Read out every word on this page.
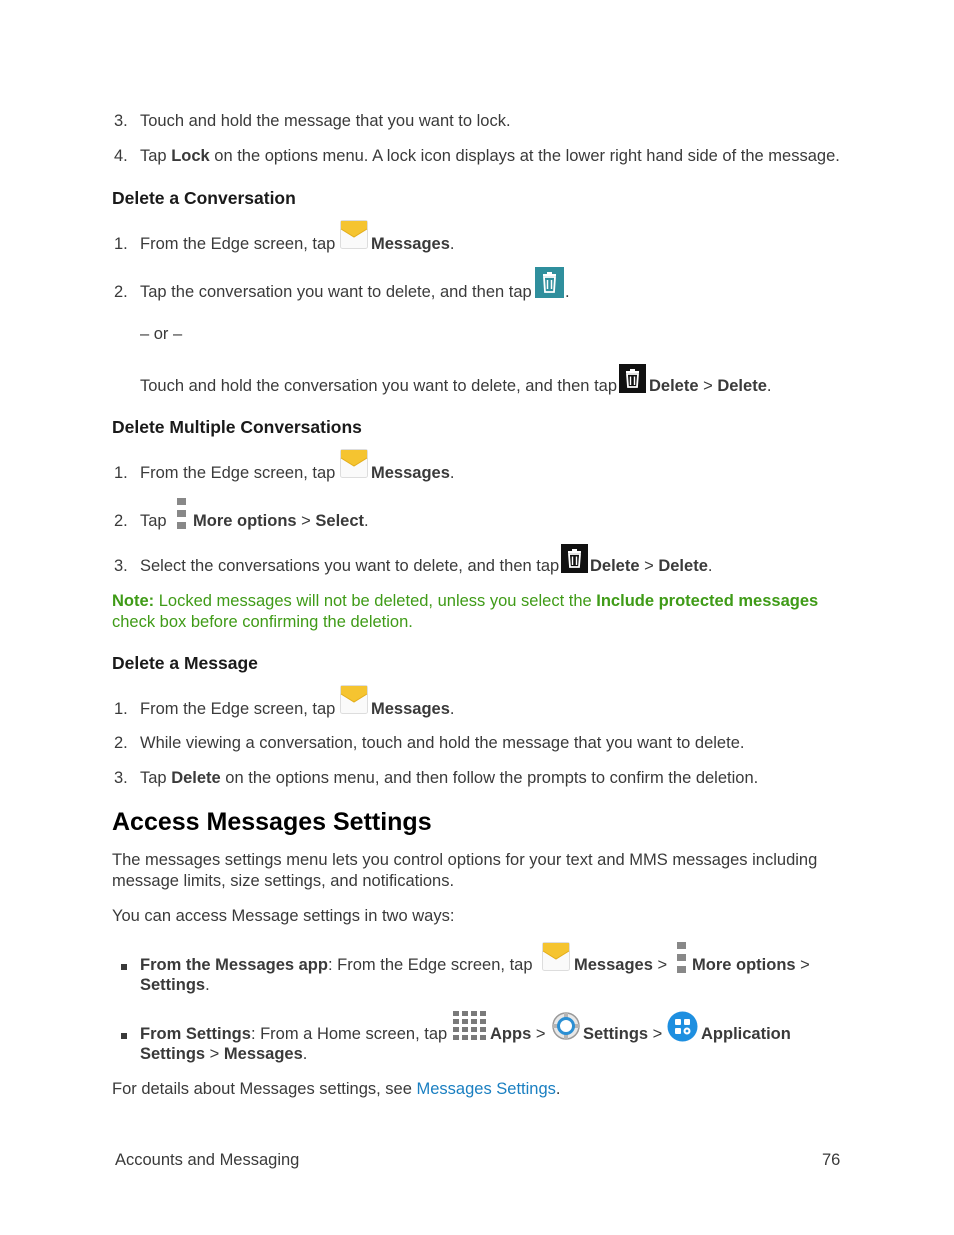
3. Touch and hold the message that you want to lock.
4. Tap Lock on the options menu. A lock icon displays at the lower right hand side of the message.
Delete a Conversation
1. From the Edge screen, tap Messages.
2. Tap the conversation you want to delete, and then tap .
– or –
Touch and hold the conversation you want to delete, and then tap Delete > Delete.
Delete Multiple Conversations
1. From the Edge screen, tap Messages.
2. Tap More options > Select.
3. Select the conversations you want to delete, and then tap Delete > Delete.
Note: Locked messages will not be deleted, unless you select the Include protected messages
check box before confirming the deletion.
Delete a Message
1. From the Edge screen, tap Messages.
2. While viewing a conversation, touch and hold the message that you want to delete.
3. Tap Delete on the options menu, and then follow the prompts to confirm the deletion.
Access Messages Settings
The messages settings menu lets you control options for your text and MMS messages including
message limits, size settings, and notifications.
You can access Message settings in two ways:
From the Messages app: From the Edge screen, tap	Messages > More options >
Settings.
From Settings: From a Home screen, tap	Apps > Settings > Application
Settings > Messages.
For details about Messages settings, see Messages Settings.
Accounts and Messaging	76
